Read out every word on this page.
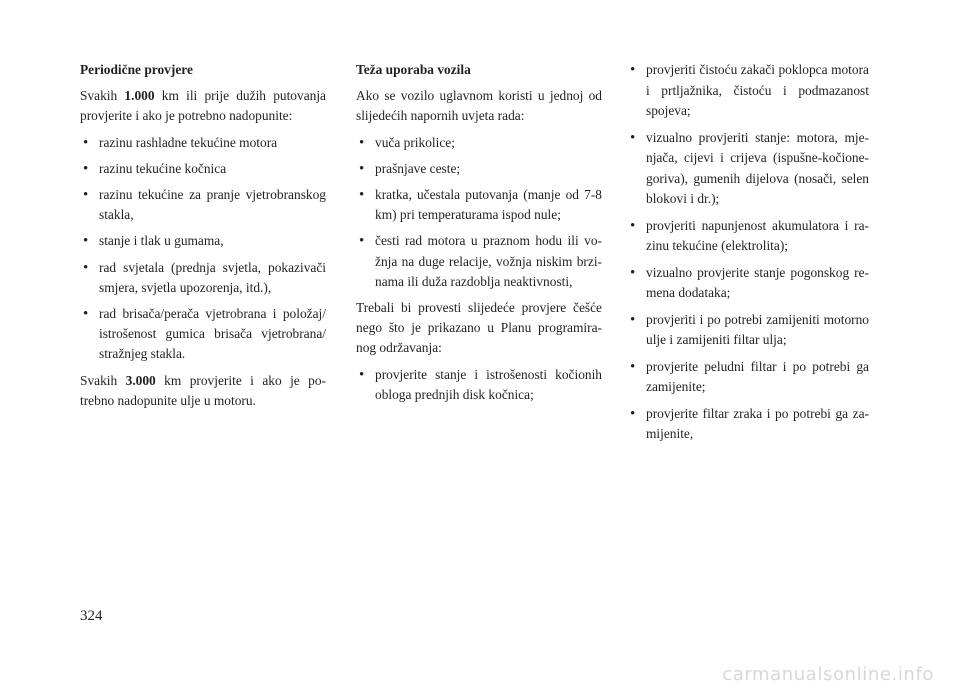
Periodične provjere
Svakih 1.000 km ili prije dužih putovanja provjerite i ako je potrebno nadopunite:
• razinu rashladne tekućine motora
• razinu tekućine kočnica
• razinu tekućine za pranje vjetrobranskog stakla,
• stanje i tlak u gumama,
• rad svjetala (prednja svjetla, pokazivači smjera, svjetla upozorenja, itd.),
• rad brisača/perača vjetrobrana i položaj/ istrošenost gumica brisača vjetrobrana/ stražnjeg stakla.
Svakih 3.000 km provjerite i ako je po- trebno nadopunite ulje u motoru.
Teža uporaba vozila
Ako se vozilo uglavnom koristi u jednoj od slijedećih napornih uvjeta rada:
• vuča prikolice;
• prašnjave ceste;
• kratka, učestala putovanja (manje od 7-8 km) pri temperaturama ispod nule;
• česti rad motora u praznom hodu ili vo- žnja na duge relacije, vožnja niskim brzi- nama ili duža razdoblja neaktivnosti,
Trebali bi provesti slijedeće provjere češće nego što je prikazano u Planu programira- nog održavanja:
• provjerite stanje i istrošenosti kočionih obloga prednjih disk kočnica;
• provjeriti čistoću zakači poklopca motora i prtljažnika, čistoću i podmazanost spojeva;
• vizualno provjeriti stanje: motora, mje- njača, cijevi i crijeva (ispušne-kočione- goriva), gumenih dijelova (nosači, selen blokovi i dr.);
• provjeriti napunjenost akumulatora i ra- zinu tekućine (elektrolita);
• vizualno provjerite stanje pogonskog re- mena dodataka;
• provjeriti i po potrebi zamijeniti motorno ulje i zamijeniti filtar ulja;
• provjerite peludni filtar i po potrebi ga zamijenite;
• provjerite filtar zraka i po potrebi ga za- mijenite,
324
carmanualsonline.info
